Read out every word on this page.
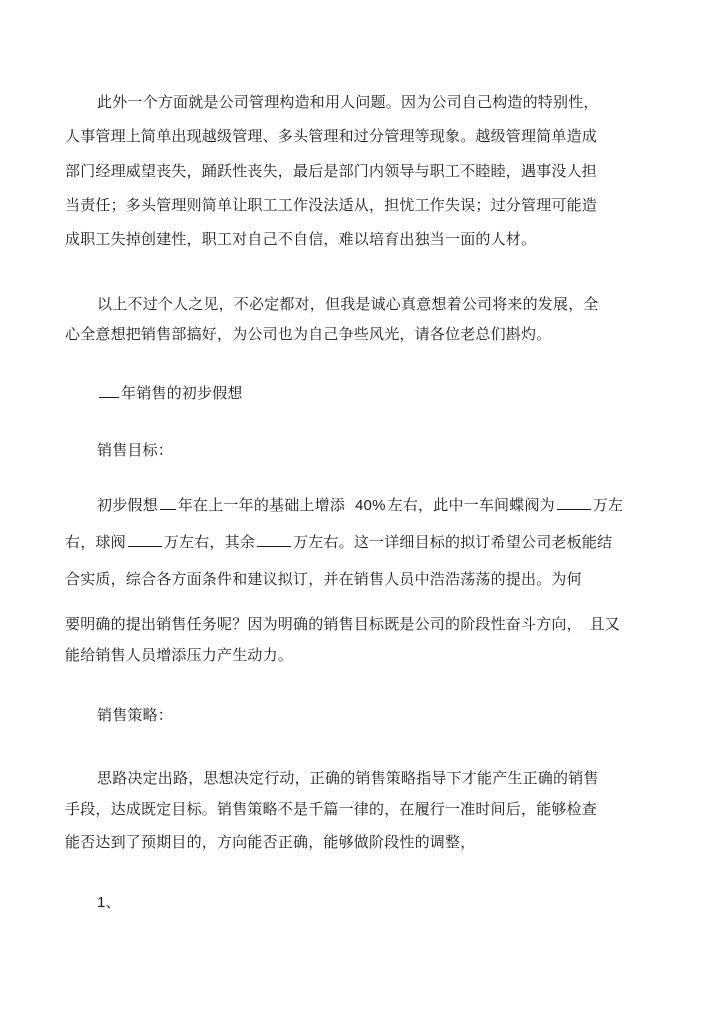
此外一个方面就是公司管理构造和用人问题。因为公司自己构造的特别性，
人事管理上简单出现越级管理、多头管理和过分管理等现象。越级管理简单造成
部门经理威望丧失，踊跃性丧失，最后是部门内领导与职工不睦睦，遇事没人担
当责任；多头管理则简单让职工工作没法适从，担忧工作失误；过分管理可能造
成职工失掉创建性，职工对自己不自信，难以培育出独当一面的人材。
以上不过个人之见，不必定都对，但我是诚心真意想着公司将来的发展，全
心全意想把销售部搞好，为公司也为自己争些风光，请各位老总们斟灼。
年销售的初步假想
销售目标：
初步假想 年在上一年的基础上增添 40% 左右，此中一车间蝶阀为	万左
右，球阀	万左右，其余	万左右。这一详细目标的拟订希望公司老板能结
合实质，综合各方面条件和建议拟订，并在销售人员中浩浩荡荡的提出。为何
要明确的提出销售任务呢？因为明确的销售目标既是公司的阶段性奋斗方向，　且又
能给销售人员增添压力产生动力。
销售策略：
思路决定出路，思想决定行动，正确的销售策略指导下才能产生正确的销售
手段，达成既定目标。销售策略不是千篇一律的，在履行一准时间后，能够检查
能否达到了预期目的，方向能否正确，能够做阶段性的调整，
1、
